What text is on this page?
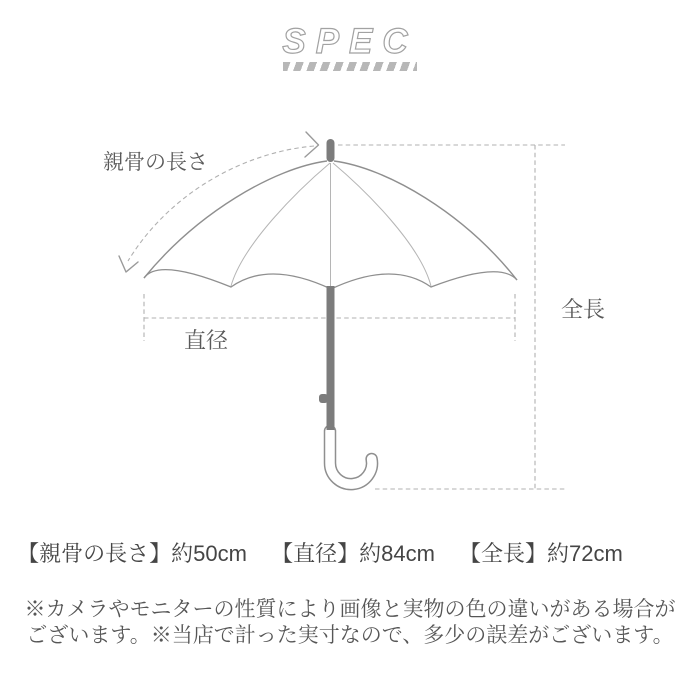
SPEC
親骨の長さ
直径
全長
【親骨の長さ】約50cm 【直径】約84cm 【全長】約72cm
※カメラやモニターの性質により画像と実物の色の違いがある場合が
ございます。※当店で計った実寸なので、多少の誤差がございます。
